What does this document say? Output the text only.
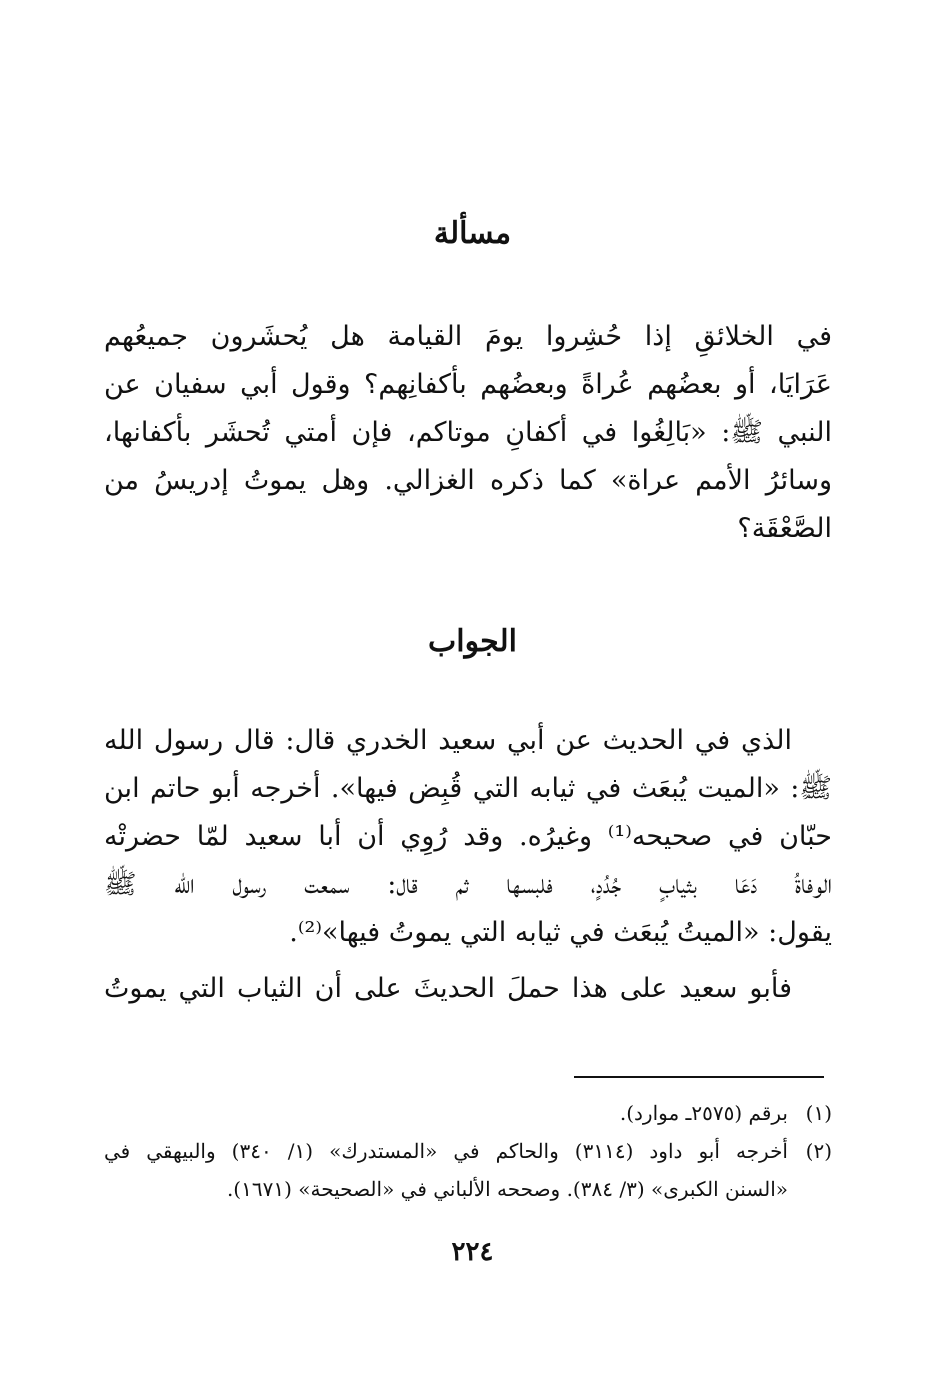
مسألة
في الخلائقِ إذا حُشِروا يومَ القيامة هل يُحشَرون جميعُهم
عَرَايَا، أو بعضُهم عُراةً وبعضُهم بأكفانِهم؟ وقول أبي سفيان عن
النبي ﷺ: «بَالِغُوا في أكفانِ موتاكم، فإن أمتي تُحشَر بأكفانها،
وسائرُ الأمم عراة» كما ذكره الغزالي. وهل يموتُ إدريسُ من
الصَّعْقَة؟
الجواب
الذي في الحديث عن أبي سعيد الخدري قال: قال رسول الله
ﷺ: «الميت يُبعَث في ثيابه التي قُبِض فيها». أخرجه أبو حاتم ابن
حبّان في صحيحه⁽¹⁾ وغيرُه. وقد رُوِي أن أبا سعيد لمّا حضرتْه
الوفاةُ دَعَا بثيابٍ جُدُدٍ، فلبسها ثم قال: سمعت رسول الله ﷺ
يقول: «الميتُ يُبعَث في ثيابه التي يموتُ فيها»⁽²⁾.
فأبو سعيد على هذا حملَ الحديثَ على أن الثياب التي يموتُ
(١)برقم (٢٥٧٥ـ موارد).
(٢)أخرجه أبو داود (٣١١٤) والحاكم في «المستدرك» (١/ ٣٤٠) والبيهقي في
«السنن الكبرى» (٣/ ٣٨٤). وصححه الألباني في «الصحيحة» (١٦٧١).
٢٢٤
